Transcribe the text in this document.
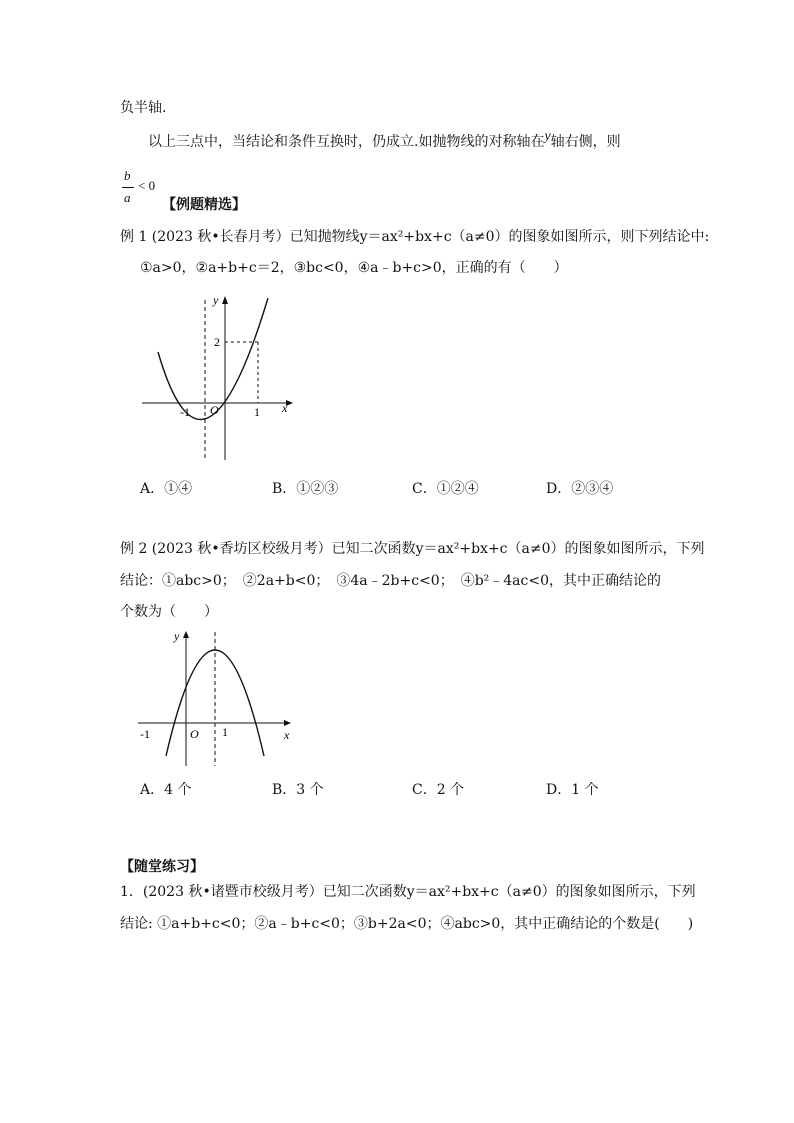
负半轴.
以上三点中，当结论和条件互换时，仍成立.如抛物线的对称轴在y轴右侧，则
b
a
< 0
【例题精选】
例 1 (2023 秋•长春月考）已知抛物线y＝ax²+bx+c（a≠0）的图象如图所示，则下列结论中:
①a>0，②a+b+c＝2，③bc<0，④a﹣b+c>0，正确的有（　　）
y
x
O
-1	1
2
A．①④	B．①②③	C．①②④	D．②③④
例 2 (2023 秋•香坊区校级月考）已知二次函数y＝ax²+bx+c（a≠0）的图象如图所示，下列
结论：①abc>0；　②2a+b<0；　③4a﹣2b+c<0；　④b²﹣4ac<0，其中正确结论的
个数为（　　）
y
x
O
-1	1
A．4 个	B．3 个	C．2 个	D．1 个
【随堂练习】
1．(2023 秋•诸暨市校级月考）已知二次函数y＝ax²+bx+c（a≠0）的图象如图所示，下列
结论: ①a+b+c<0；②a﹣b+c<0；③b+2a<0；④abc>0，其中正确结论的个数是(　　)
